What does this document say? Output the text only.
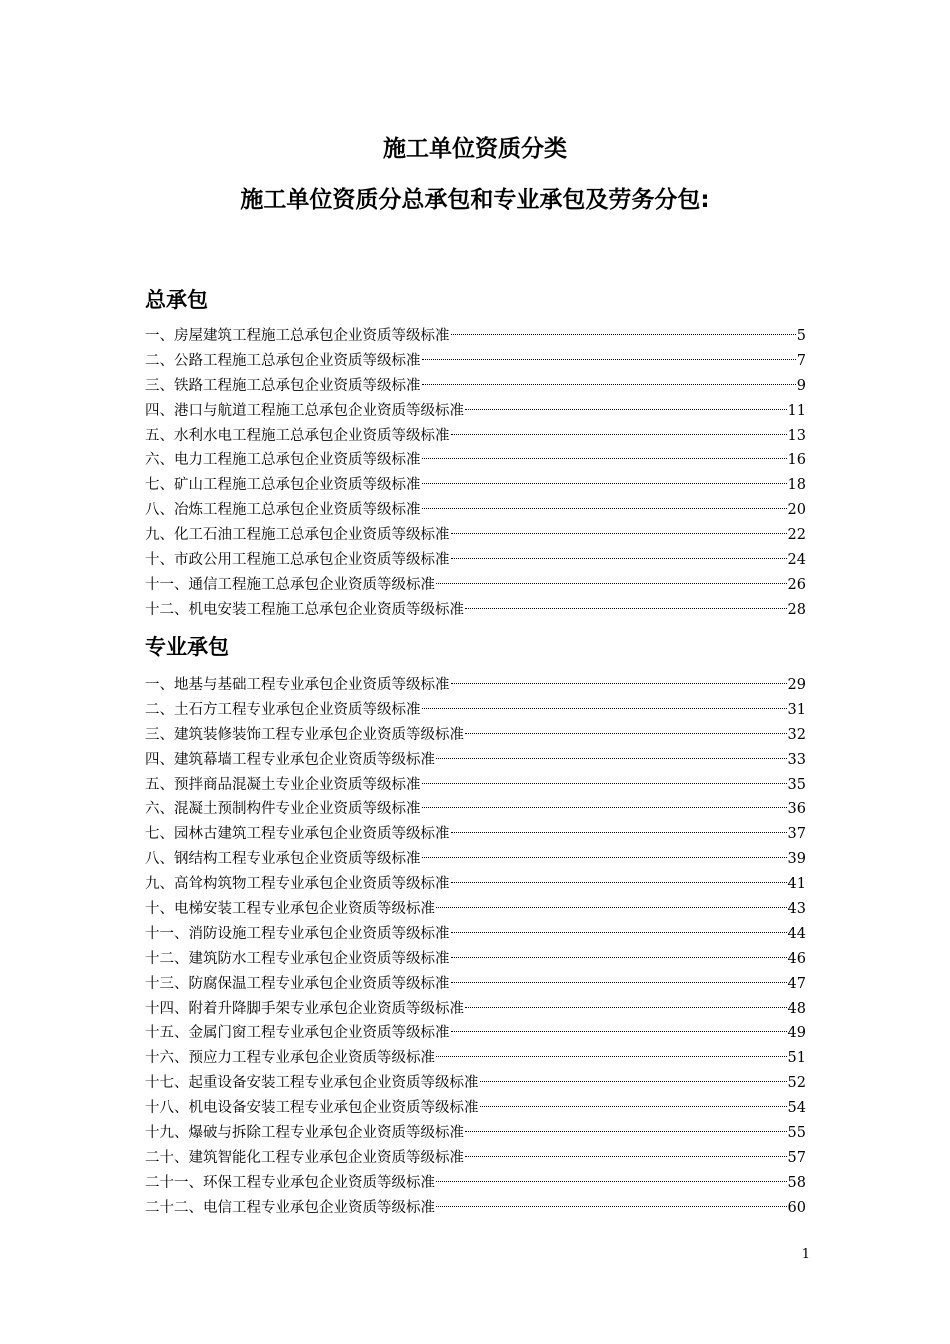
施工单位资质分类
施工单位资质分总承包和专业承包及劳务分包:
总承包
一、房屋建筑工程施工总承包企业资质等级标准	5
二、公路工程施工总承包企业资质等级标准	7
三、铁路工程施工总承包企业资质等级标准	9
四、港口与航道工程施工总承包企业资质等级标准	11
五、水利水电工程施工总承包企业资质等级标准	13
六、电力工程施工总承包企业资质等级标准	16
七、矿山工程施工总承包企业资质等级标准	18
八、冶炼工程施工总承包企业资质等级标准	20
九、化工石油工程施工总承包企业资质等级标准	22
十、市政公用工程施工总承包企业资质等级标准	24
十一、通信工程施工总承包企业资质等级标准	26
十二、机电安装工程施工总承包企业资质等级标准	28
专业承包
一、地基与基础工程专业承包企业资质等级标准	29
二、土石方工程专业承包企业资质等级标准	31
三、建筑装修装饰工程专业承包企业资质等级标准	32
四、建筑幕墙工程专业承包企业资质等级标准	33
五、预拌商品混凝土专业企业资质等级标准	35
六、混凝土预制构件专业企业资质等级标准	36
七、园林古建筑工程专业承包企业资质等级标准	37
八、钢结构工程专业承包企业资质等级标准	39
九、高耸构筑物工程专业承包企业资质等级标准	41
十、电梯安装工程专业承包企业资质等级标准	43
十一、消防设施工程专业承包企业资质等级标准	44
十二、建筑防水工程专业承包企业资质等级标准	46
十三、防腐保温工程专业承包企业资质等级标准	47
十四、附着升降脚手架专业承包企业资质等级标准	48
十五、金属门窗工程专业承包企业资质等级标准	49
十六、预应力工程专业承包企业资质等级标准	51
十七、起重设备安装工程专业承包企业资质等级标准	52
十八、机电设备安装工程专业承包企业资质等级标准	54
十九、爆破与拆除工程专业承包企业资质等级标准	55
二十、建筑智能化工程专业承包企业资质等级标准	57
二十一、环保工程专业承包企业资质等级标准	58
二十二、电信工程专业承包企业资质等级标准	60
1
